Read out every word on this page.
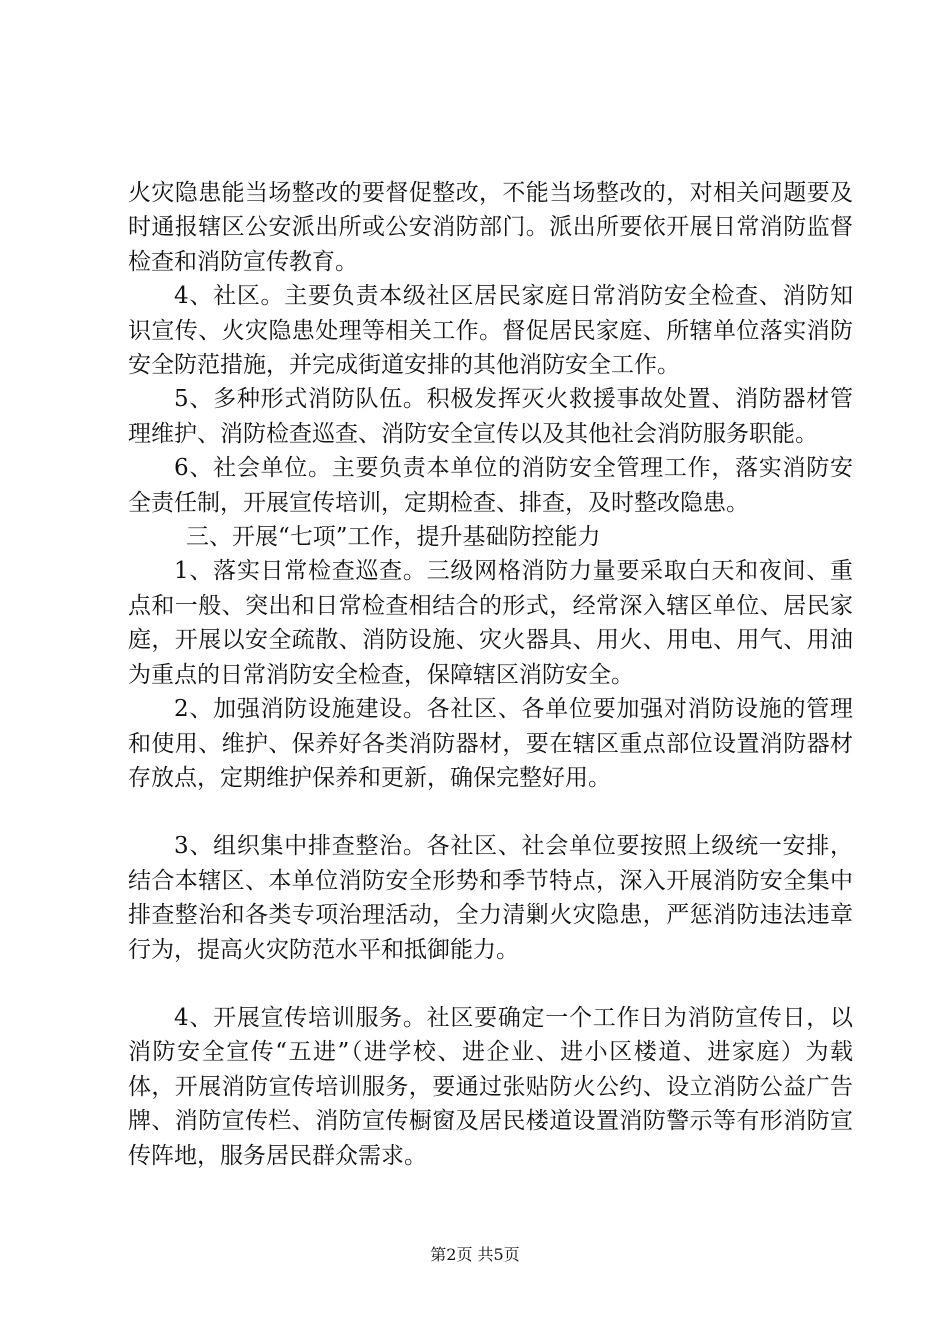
火灾隐患能当场整改的要督促整改，不能当场整改的，对相关问题要及时通报辖区公安派出所或公安消防部门。派出所要依开展日常消防监督检查和消防宣传教育。

4、社区。主要负责本级社区居民家庭日常消防安全检查、消防知识宣传、火灾隐患处理等相关工作。督促居民家庭、所辖单位落实消防安全防范措施，并完成街道安排的其他消防安全工作。

5、多种形式消防队伍。积极发挥灭火救援事故处置、消防器材管理维护、消防检查巡查、消防安全宣传以及其他社会消防服务职能。

6、社会单位。主要负责本单位的消防安全管理工作，落实消防安全责任制，开展宣传培训，定期检查、排查，及时整改隐患。

三、开展“七项”工作，提升基础防控能力

1、落实日常检查巡查。三级网格消防力量要采取白天和夜间、重点和一般、突出和日常检查相结合的形式，经常深入辖区单位、居民家庭，开展以安全疏散、消防设施、灾火器具、用火、用电、用气、用油为重点的日常消防安全检查，保障辖区消防安全。

2、加强消防设施建设。各社区、各单位要加强对消防设施的管理和使用、维护、保养好各类消防器材，要在辖区重点部位设置消防器材存放点，定期维护保养和更新，确保完整好用。

3、组织集中排查整治。各社区、社会单位要按照上级统一安排，结合本辖区、本单位消防安全形势和季节特点，深入开展消防安全集中排查整治和各类专项治理活动，全力清剿火灾隐患，严惩消防违法违章行为，提高火灾防范水平和抵御能力。

4、开展宣传培训服务。社区要确定一个工作日为消防宣传日，以消防安全宣传“五进”（进学校、进企业、进小区楼道、进家庭）为载体，开展消防宣传培训服务，要通过张贴防火公约、设立消防公益广告牌、消防宣传栏、消防宣传橱窗及居民楼道设置消防警示等有形消防宣传阵地，服务居民群众需求。

第2页 共5页
